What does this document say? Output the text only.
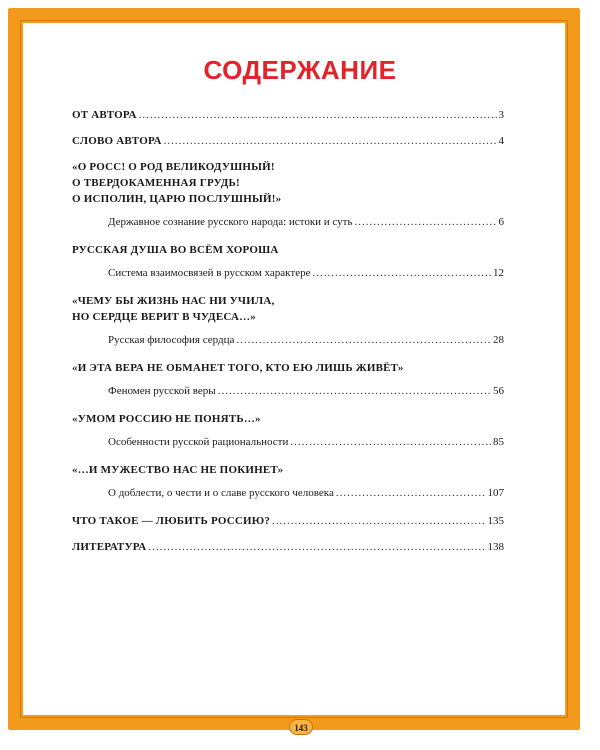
СОДЕРЖАНИЕ
ОТ АВТОРА .....	3
СЛОВО АВТОРА .....	4
«О РОСС! О РОД ВЕЛИКОДУШНЫЙ!
О ТВЕРДОКАМЕННАЯ ГРУДЬ!
О ИСПОЛИН, ЦАРЮ ПОСЛУШНЫЙ!»
Державное сознание русского народа: истоки и суть .....	6
РУССКАЯ ДУША ВО ВСЁМ ХОРОША
Система взаимосвязей в русском характере .....	12
«ЧЕМУ БЫ ЖИЗНЬ НАС НИ УЧИЛА,
НО СЕРДЦЕ ВЕРИТ В ЧУДЕСА…»
Русская философия сердца .....	28
«И ЭТА ВЕРА НЕ ОБМАНЕТ ТОГО, КТО ЕЮ ЛИШЬ ЖИВЁТ»
Феномен русской веры .....	56
«УМОМ РОССИЮ НЕ ПОНЯТЬ…»
Особенности русской рациональности .....	85
«…И МУЖЕСТВО НАС НЕ ПОКИНЕТ»
О доблести, о чести и о славе русского человека .....	107
ЧТО ТАКОЕ — ЛЮБИТЬ РОССИЮ? .....	135
ЛИТЕРАТУРА .....	138
143
